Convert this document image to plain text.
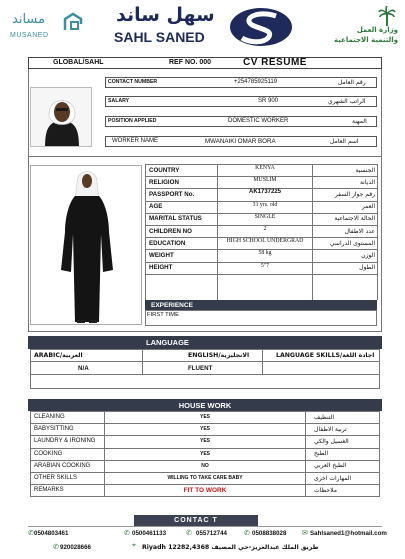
مساند
MUSANED
سهل ساند
SAHL SANED	وزارة العمل
والتنمية الاجتماعية
GLOBAL/SAHL	REF NO. 000	CV RESUME
CONTACT NUMBER	+254785925119	رقم العامل
SALARY	SR 900	الراتب الشهري
POSITION APPLIED	DOMESTIC WORKER	المهنة
WORKER NAME	MWANAIKI OMAR BORA	اسم العامل
COUNTRY	KENYA	الجنسية
RELIGION	MUSLIM	الديانة
PASSPORT No.	AK1737225	رقم جواز السفر
AGE	31 yrs. old	العمر
MARITAL STATUS	SINGLE	الحالة الاجتماعية
CHILDREN NO	2	عدد الاطفال
EDUCATION	HIGH SCHOOL UNDERGRAD	المستوى الدراسي
WEIGHT	58 kg	الوزن
HEIGHT	5"7	الطول
EXPERIENCE
FIRST TIME
LANGUAGE
ARABIC/العربية	ENGLISH/الانجليزية	LANGUAGE SKILLS/اجادة اللغة
N/A	FLUENT
HOUSE WORK
CLEANING	YES	التنظيف
BABYSITTING	YES	تربية الاطفال
LAUNDRY & IRONING	YES	الغسيل والكي
COOKING	YES	الطبخ
ARABIAN COOKING	NO	الطبخ العربي
OTHER SKILLS	WILLING TO TAKE CARE BABY	المهارات اخرى
REMARKS	FIT TO WORK	ملاحظات
CONTAC T
✆ 0504803461	✆ 0500461133	✆ 055712744 ✆ 0508838028 ✉ Sahlsaned1@hotmail.com
✆ 920028666	⌖ Riyadh 12282,4368 طريق الملك عبدالعزيز-حي المصيف
